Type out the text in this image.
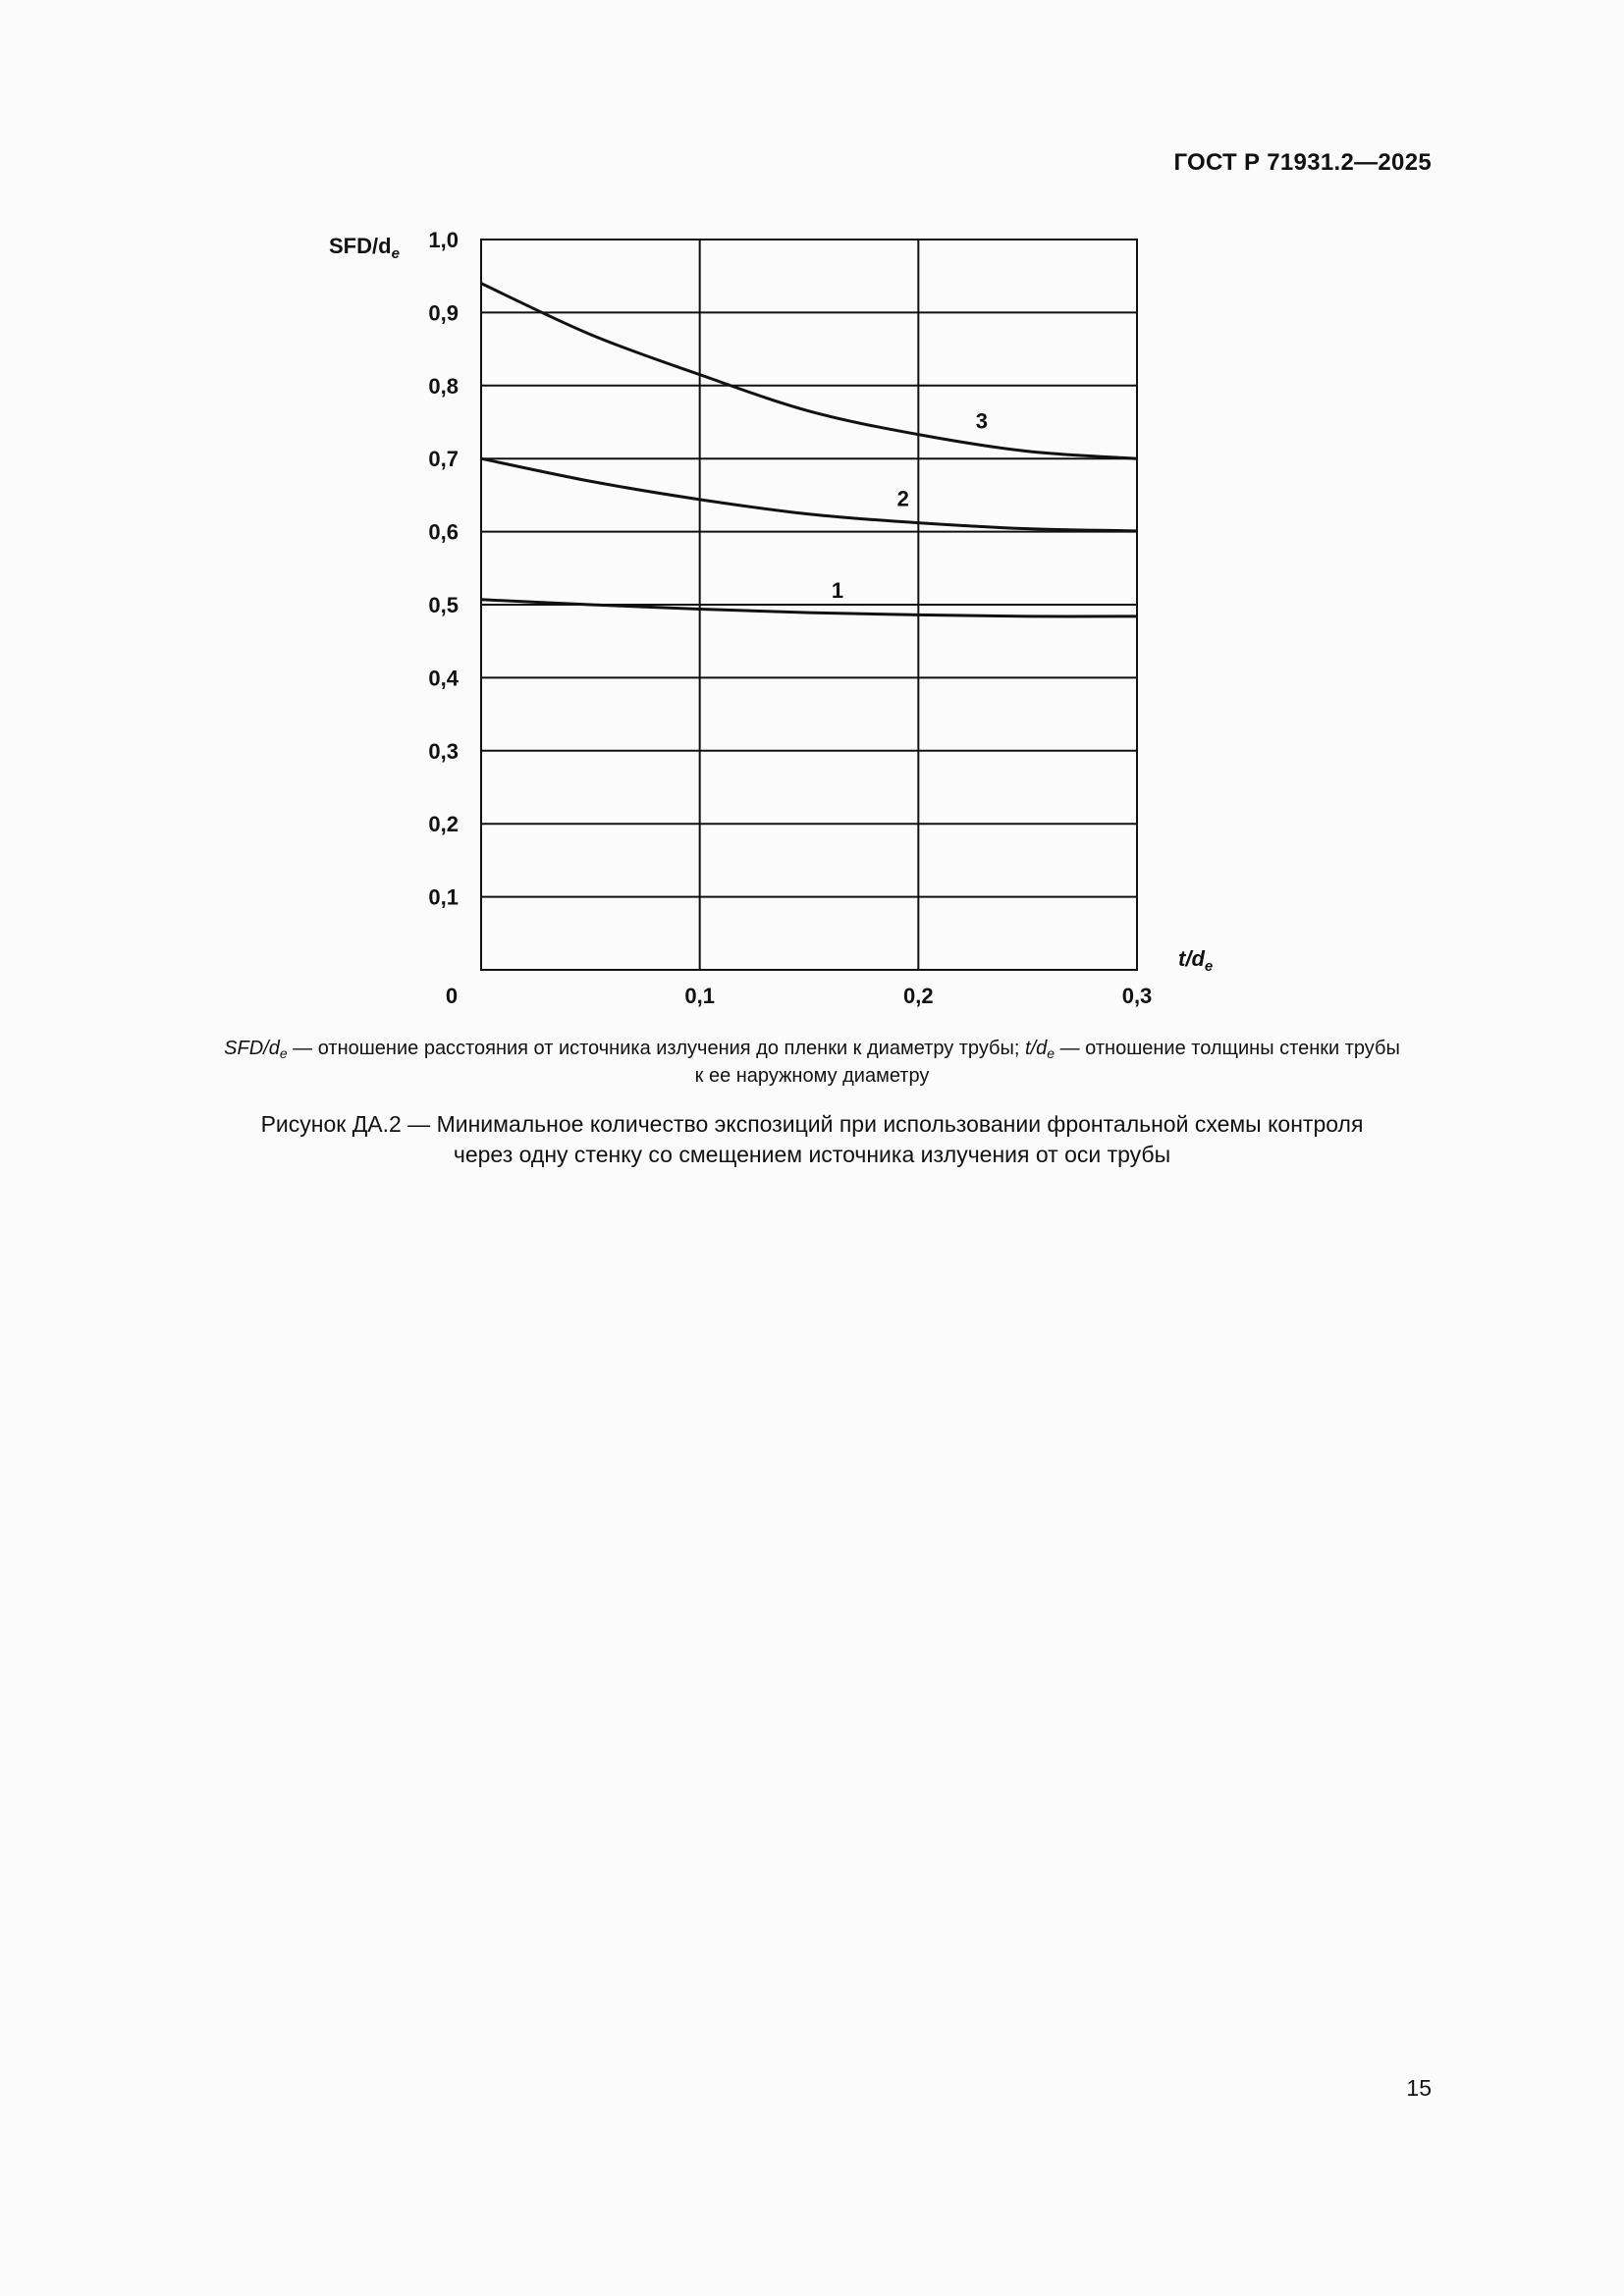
ГОСТ Р 71931.2—2025
0,1
0,2
0,3
0,4
0,5
0,6
0,7
0,8
0,9
1,0
0,1	0,2	0,3
0
SFD/$d_e$
$t/d_e$
1
2
3
SFD/$d_e$ — отношение расстояния от источника излучения до пленки к диаметру трубы; $t/d_e$ — отношение толщины стенки трубы
к ее наружному диаметру
Рисунок ДА.2 — Минимальное количество экспозиций при использовании фронтальной схемы контроля
через одну стенку со смещением источника излучения от оси трубы
15
